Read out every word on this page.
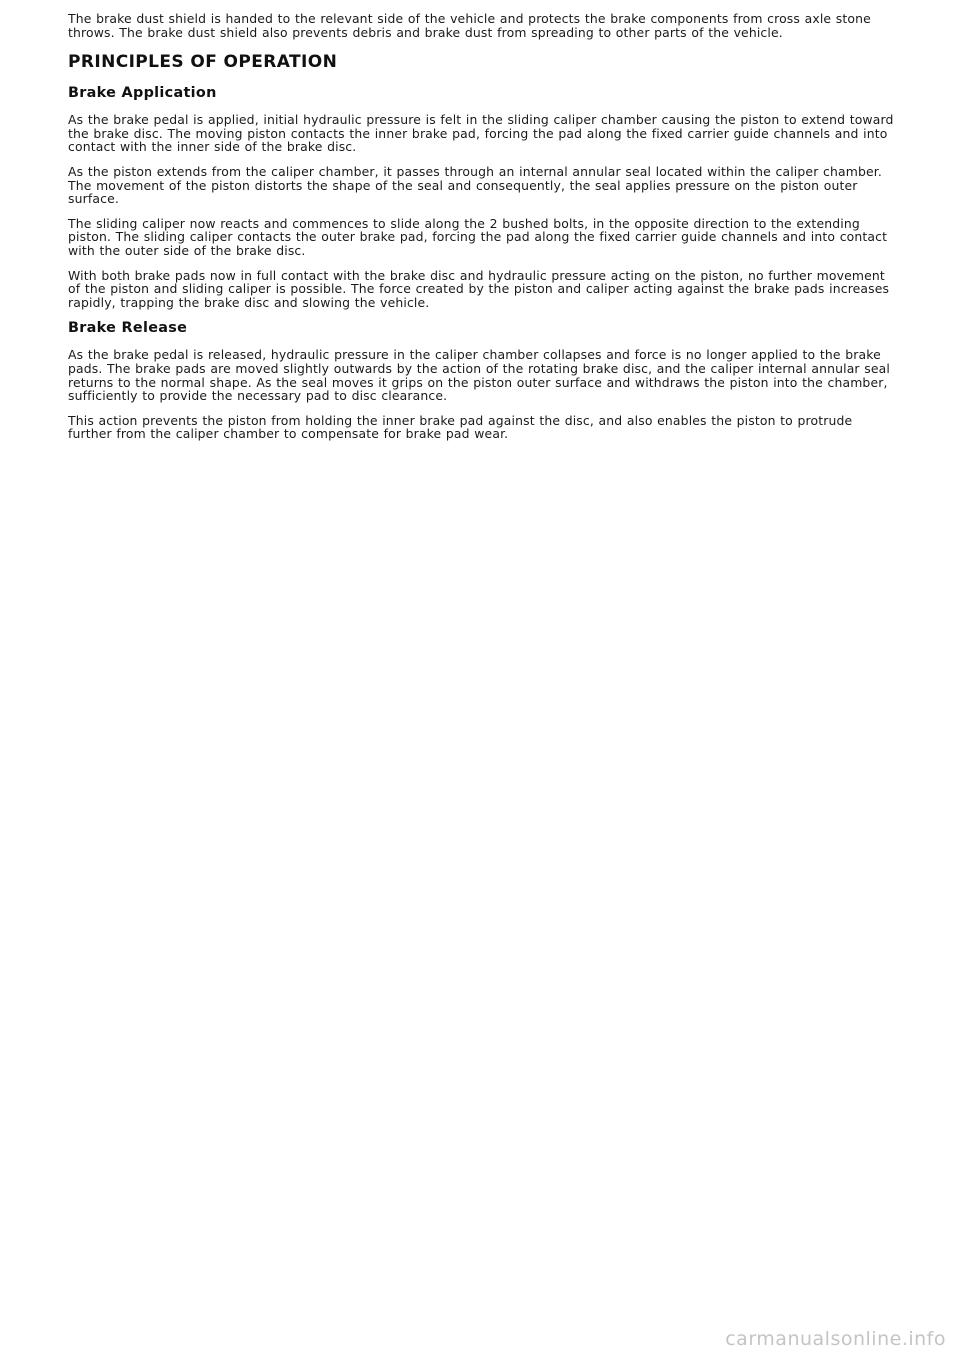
The brake dust shield is handed to the relevant side of the vehicle and protects the brake components from cross axle stone throws. The brake dust shield also prevents debris and brake dust from spreading to other parts of the vehicle.

PRINCIPLES OF OPERATION
Brake Application

As the brake pedal is applied, initial hydraulic pressure is felt in the sliding caliper chamber causing the piston to extend toward the brake disc. The moving piston contacts the inner brake pad, forcing the pad along the fixed carrier guide channels and into contact with the inner side of the brake disc.

As the piston extends from the caliper chamber, it passes through an internal annular seal located within the caliper chamber. The movement of the piston distorts the shape of the seal and consequently, the seal applies pressure on the piston outer surface.

The sliding caliper now reacts and commences to slide along the 2 bushed bolts, in the opposite direction to the extending piston. The sliding caliper contacts the outer brake pad, forcing the pad along the fixed carrier guide channels and into contact with the outer side of the brake disc.

With both brake pads now in full contact with the brake disc and hydraulic pressure acting on the piston, no further movement of the piston and sliding caliper is possible. The force created by the piston and caliper acting against the brake pads increases rapidly, trapping the brake disc and slowing the vehicle.

Brake Release

As the brake pedal is released, hydraulic pressure in the caliper chamber collapses and force is no longer applied to the brake pads. The brake pads are moved slightly outwards by the action of the rotating brake disc, and the caliper internal annular seal returns to the normal shape. As the seal moves it grips on the piston outer surface and withdraws the piston into the chamber, sufficiently to provide the necessary pad to disc clearance.

This action prevents the piston from holding the inner brake pad against the disc, and also enables the piston to protrude further from the caliper chamber to compensate for brake pad wear.

carmanualsonline.info
